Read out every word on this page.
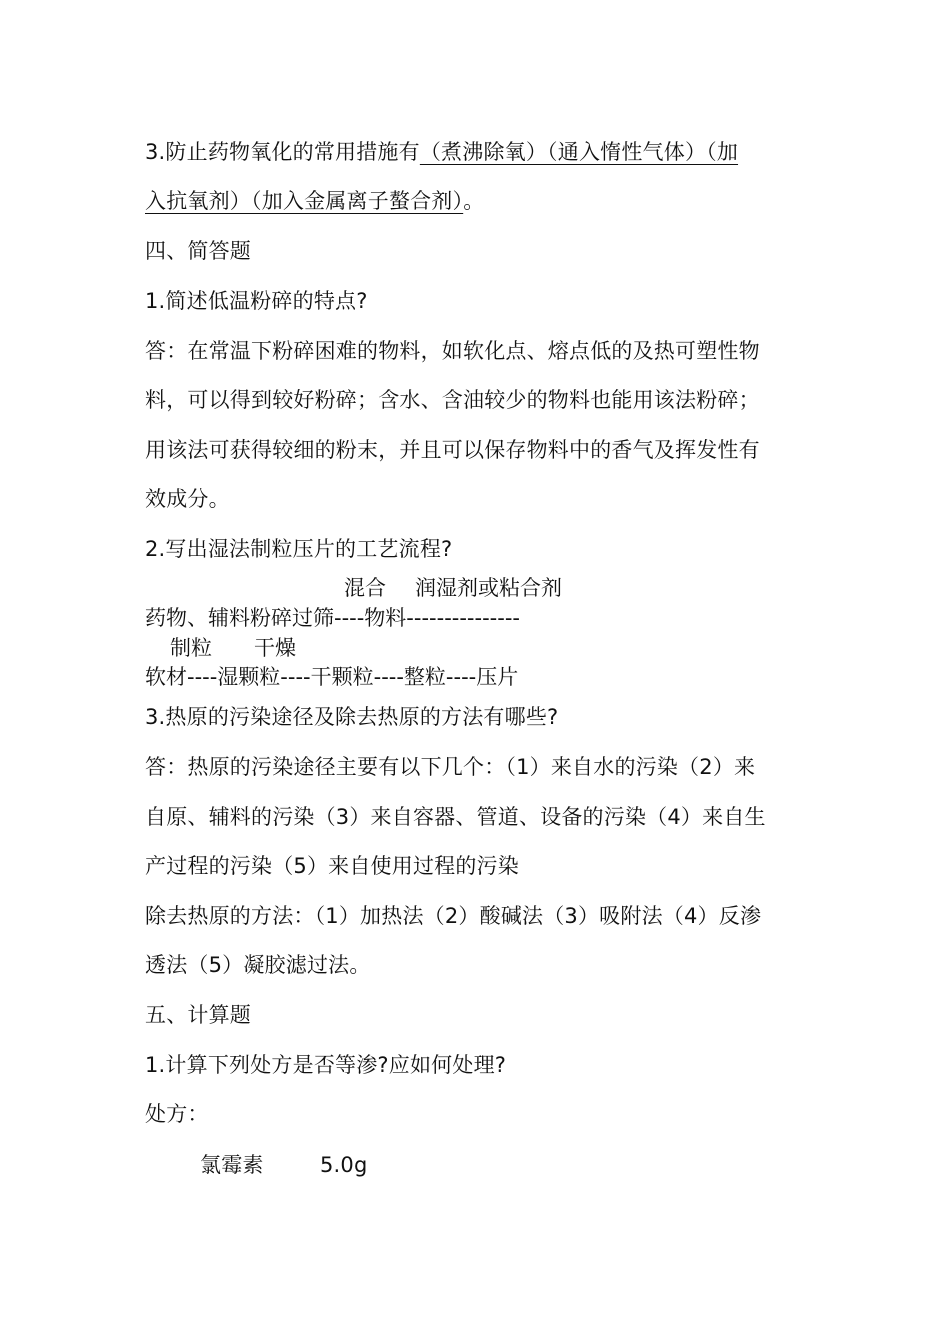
3.防止药物氧化的常用措施有（煮沸除氧）（通入惰性气体）（加
入抗氧剂）（加入金属离子螯合剂）。
四、简答题
1.简述低温粉碎的特点?
答：在常温下粉碎困难的物料，如软化点、熔点低的及热可塑性物
料，可以得到较好粉碎；含水、含油较少的物料也能用该法粉碎；
用该法可获得较细的粉末，并且可以保存物料中的香气及挥发性有
效成分。
2.写出湿法制粒压片的工艺流程?
混合 润湿剂或粘合剂
药物、辅料粉碎过筛----物料---------------
制粒 干燥
软材----湿颗粒----干颗粒----整粒----压片
3.热原的污染途径及除去热原的方法有哪些?
答：热原的污染途径主要有以下几个：（1）来自水的污染（2）来
自原、辅料的污染（3）来自容器、管道、设备的污染（4）来自生
产过程的污染（5）来自使用过程的污染
除去热原的方法：（1）加热法（2）酸碱法（3）吸附法（4）反渗
透法（5）凝胶滤过法。
五、计算题
1.计算下列处方是否等渗?应如何处理?
处方：
氯霉素	5.0g
